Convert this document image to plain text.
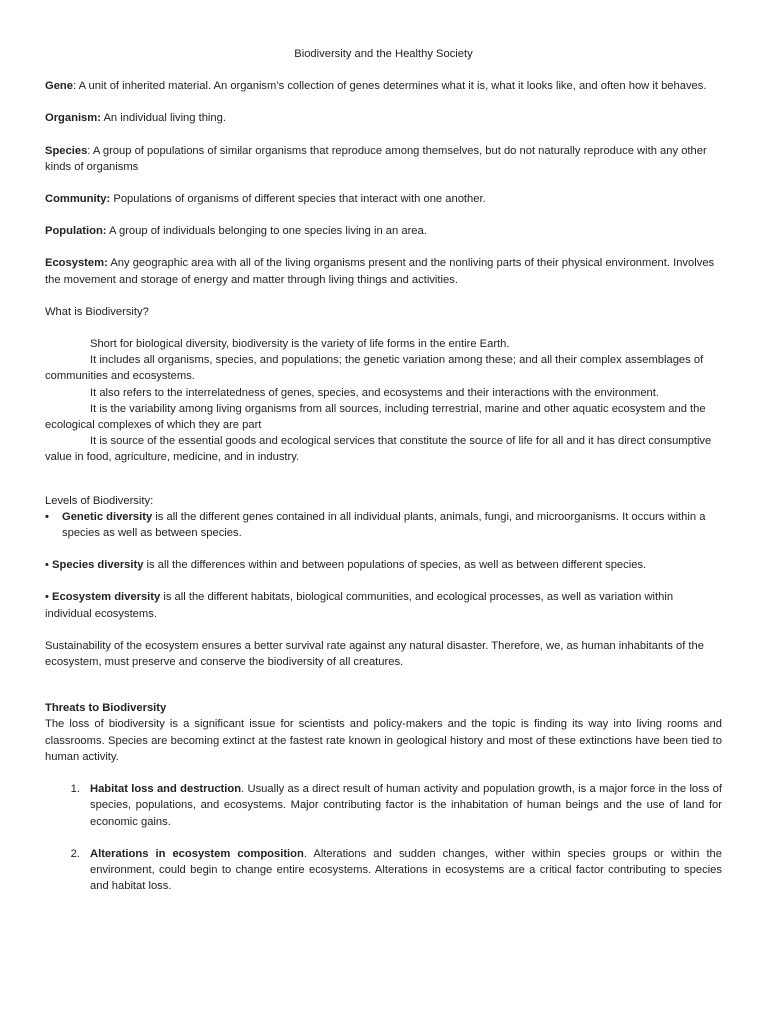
Biodiversity and the Healthy Society

Gene: A unit of inherited material. An organism’s collection of genes determines what it is, what it looks like, and often how it behaves.

Organism: An individual living thing.

Species: A group of populations of similar organisms that reproduce among themselves, but do not naturally reproduce with any other kinds of organisms

Community: Populations of organisms of different species that interact with one another.

Population: A group of individuals belonging to one species living in an area.

Ecosystem: Any geographic area with all of the living organisms present and the nonliving parts of their physical environment. Involves the movement and storage of energy and matter through living things and activities.

What is Biodiversity?

Short for biological diversity, biodiversity is the variety of life forms in the entire Earth.

It includes all organisms, species, and populations; the genetic variation among these; and all their complex assemblages of communities and ecosystems.

It also refers to the interrelatedness of genes, species, and ecosystems and their interactions with the environment.

It is the variability among living organisms from all sources, including terrestrial, marine and other aquatic ecosystem and the ecological complexes of which they are part

It is source of the essential goods and ecological services that constitute the source of life for all and it has direct consumptive value in food, agriculture, medicine, and in industry.

Levels of Biodiversity:

•	Genetic diversity is all the different genes contained in all individual plants, animals, fungi, and microorganisms. It occurs within a species as well as between species.

• Species diversity is all the differences within and between populations of species, as well as between different species.

• Ecosystem diversity is all the different habitats, biological communities, and ecological processes, as well as variation within individual ecosystems.

Sustainability of the ecosystem ensures a better survival rate against any natural disaster. Therefore, we, as human inhabitants of the ecosystem, must preserve and conserve the biodiversity of all creatures.

Threats to Biodiversity

The loss of biodiversity is a significant issue for scientists and policy-makers and the topic is finding its way into living rooms and classrooms. Species are becoming extinct at the fastest rate known in geological history and most of these extinctions have been tied to human activity.

1. Habitat loss and destruction. Usually as a direct result of human activity and population growth, is a major force in the loss of species, populations, and ecosystems. Major contributing factor is the inhabitation of human beings and the use of land for economic gains.
2. Alterations in ecosystem composition. Alterations and sudden changes, wither within species groups or within the environment, could begin to change entire ecosystems. Alterations in ecosystems are a critical factor contributing to species and habitat loss.
